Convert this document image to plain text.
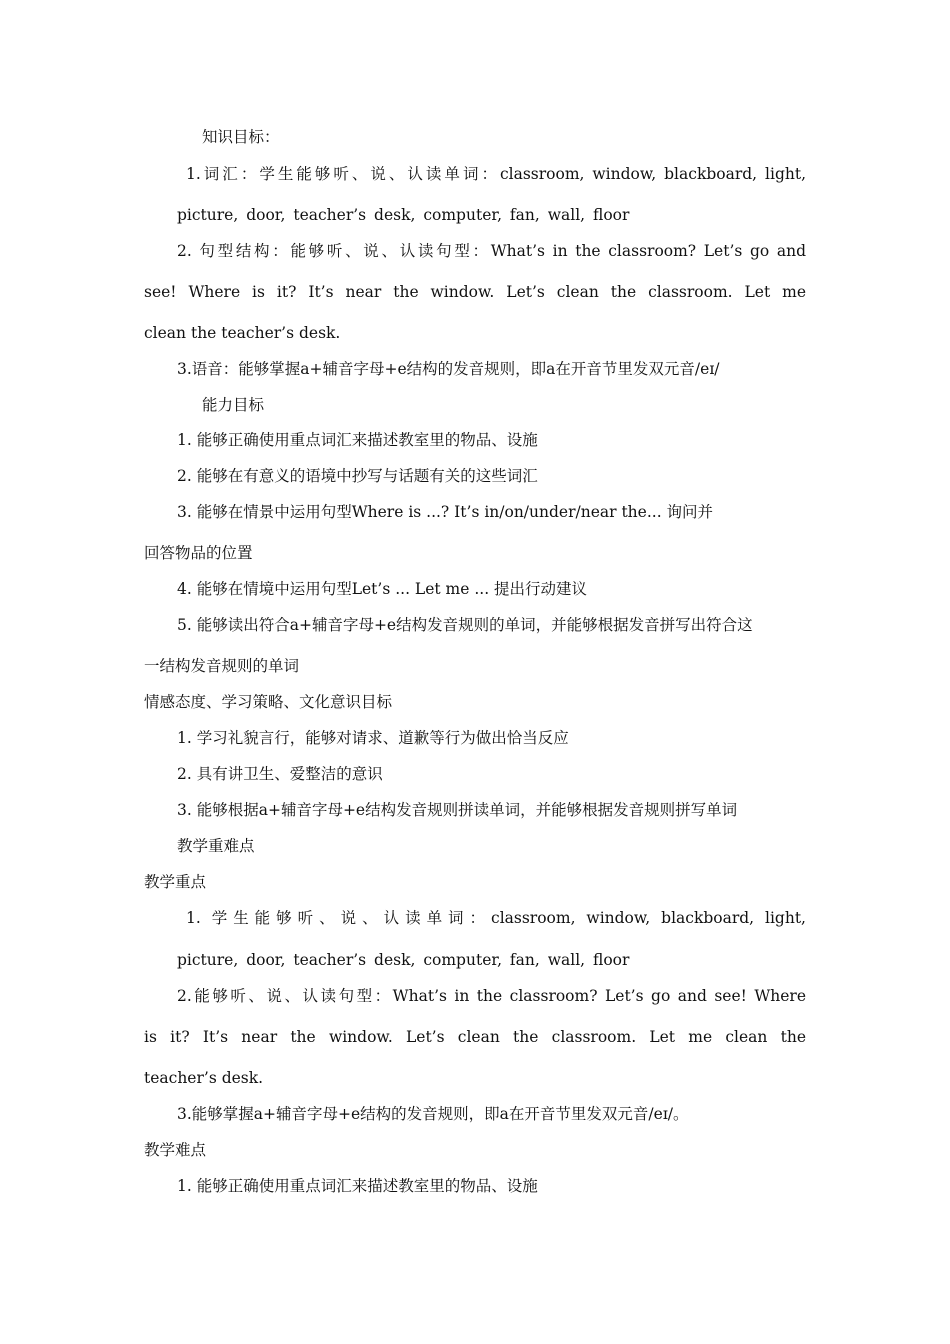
知识目标：
1.词汇：学生能够听、说、认读单词：classroom, window, blackboard, light,
picture, door, teacher’s desk, computer, fan, wall, floor
2. 句型结构：能够听、说、认读句型：What’s in the classroom? Let’s go and
see! Where is it? It’s near the window. Let’s clean the classroom. Let me
clean the teacher’s desk.
3.语音：能够掌握a+辅音字母+e结构的发音规则，即a在开音节里发双元音/eɪ/
能力目标
1. 能够正确使用重点词汇来描述教室里的物品、设施
2. 能够在有意义的语境中抄写与话题有关的这些词汇
3. 能够在情景中运用句型Where is ...? It’s in/on/under/near the... 询问并
回答物品的位置
4. 能够在情境中运用句型Let’s ... Let me ... 提出行动建议
5. 能够读出符合a+辅音字母+e结构发音规则的单词，并能够根据发音拼写出符合这
一结构发音规则的单词
情感态度、学习策略、文化意识目标
1. 学习礼貌言行，能够对请求、道歉等行为做出恰当反应
2. 具有讲卫生、爱整洁的意识
3. 能够根据a+辅音字母+e结构发音规则拼读单词，并能够根据发音规则拼写单词
教学重难点
教学重点
1. 学生能够听、说、认读单词：classroom, window, blackboard, light,
picture, door, teacher’s desk, computer, fan, wall, floor
2.能够听、说、认读句型：What’s in the classroom? Let’s go and see! Where
is it? It’s near the window. Let’s clean the classroom. Let me clean the
teacher’s desk.
3.能够掌握a+辅音字母+e结构的发音规则，即a在开音节里发双元音/eɪ/。
教学难点
1. 能够正确使用重点词汇来描述教室里的物品、设施
